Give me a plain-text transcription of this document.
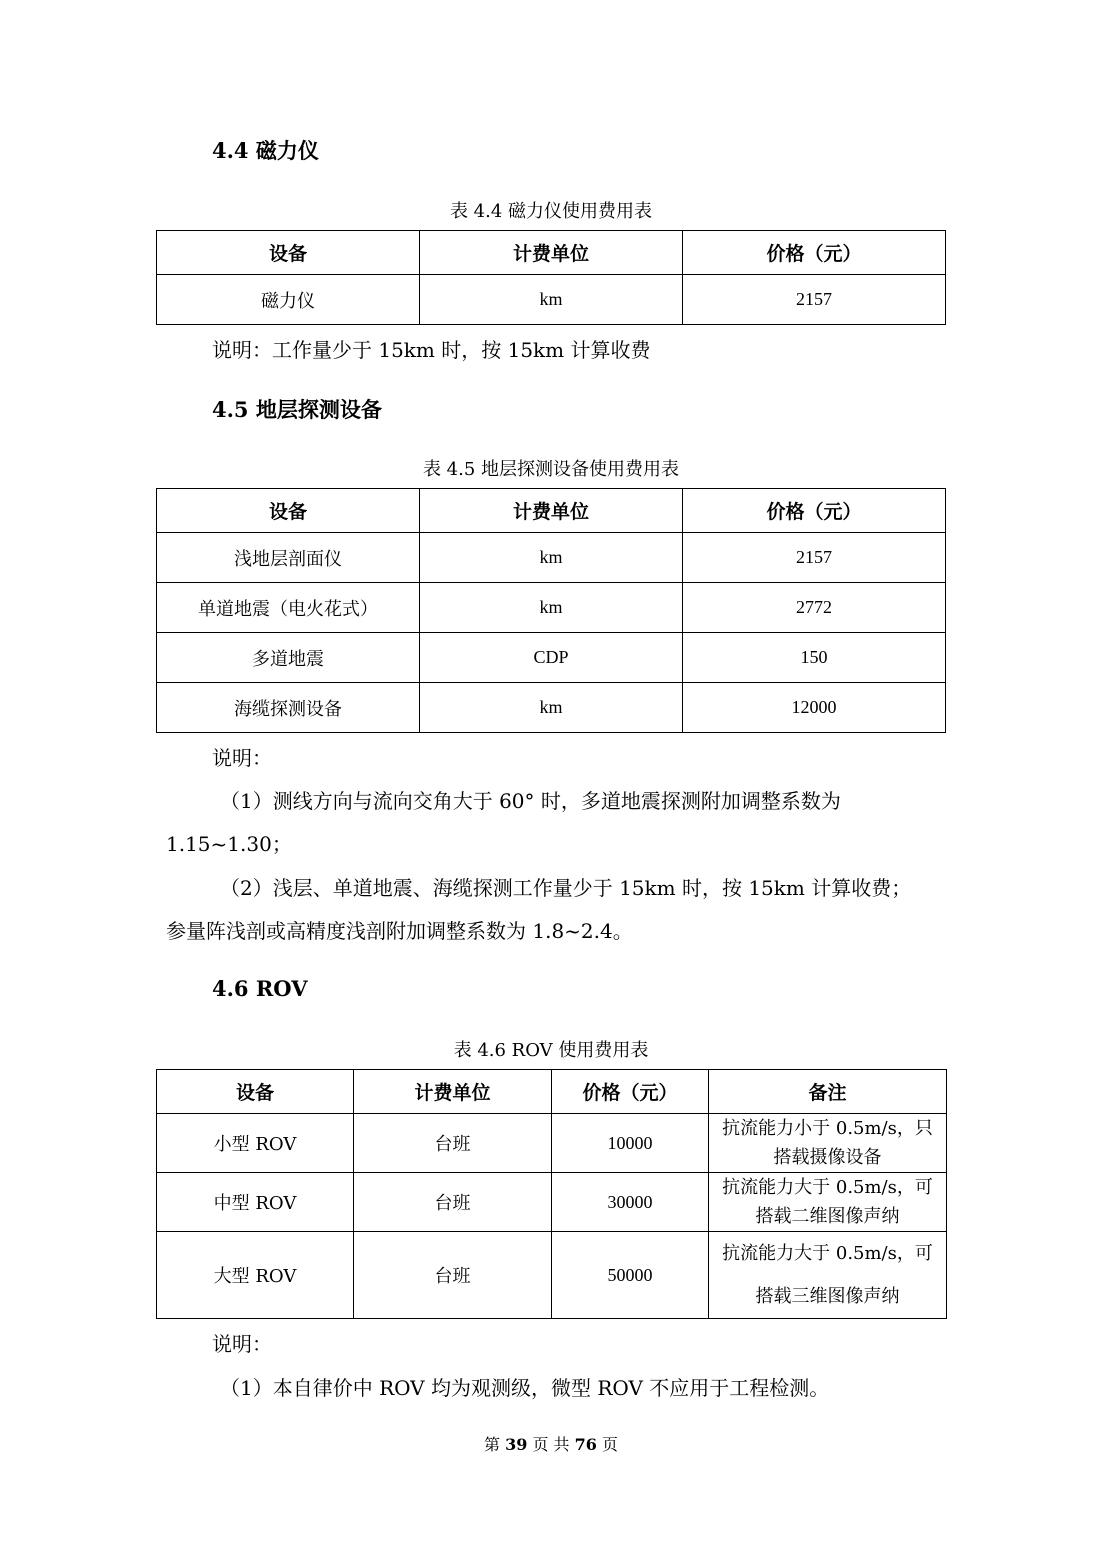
4.4 磁力仪
表 4.4 磁力仪使用费用表
设备	计费单位	价格（元）
磁力仪	km	2157
说明：工作量少于 15km 时，按 15km 计算收费
4.5 地层探测设备
表 4.5 地层探测设备使用费用表
设备	计费单位	价格（元）
浅地层剖面仪	km	2157
单道地震（电火花式）	km	2772
多道地震	CDP	150
海缆探测设备	km	12000
说明：
（1）测线方向与流向交角大于 60° 时，多道地震探测附加调整系数为
1.15~1.30；
（2）浅层、单道地震、海缆探测工作量少于 15km 时，按 15km 计算收费；
参量阵浅剖或高精度浅剖附加调整系数为 1.8~2.4。
4.6 ROV
表 4.6 ROV 使用费用表
设备	计费单位	价格（元）	备注
小型 ROV	台班	10000	抗流能力小于 0.5m/s，只
搭载摄像设备

中型 ROV	台班	30000	抗流能力大于 0.5m/s，可
搭载二维图像声纳

大型 ROV	台班	50000	抗流能力大于 0.5m/s，可
搭载三维图像声纳
说明：
（1）本自律价中 ROV 均为观测级，微型 ROV 不应用于工程检测。
第 39 页 共 76 页
